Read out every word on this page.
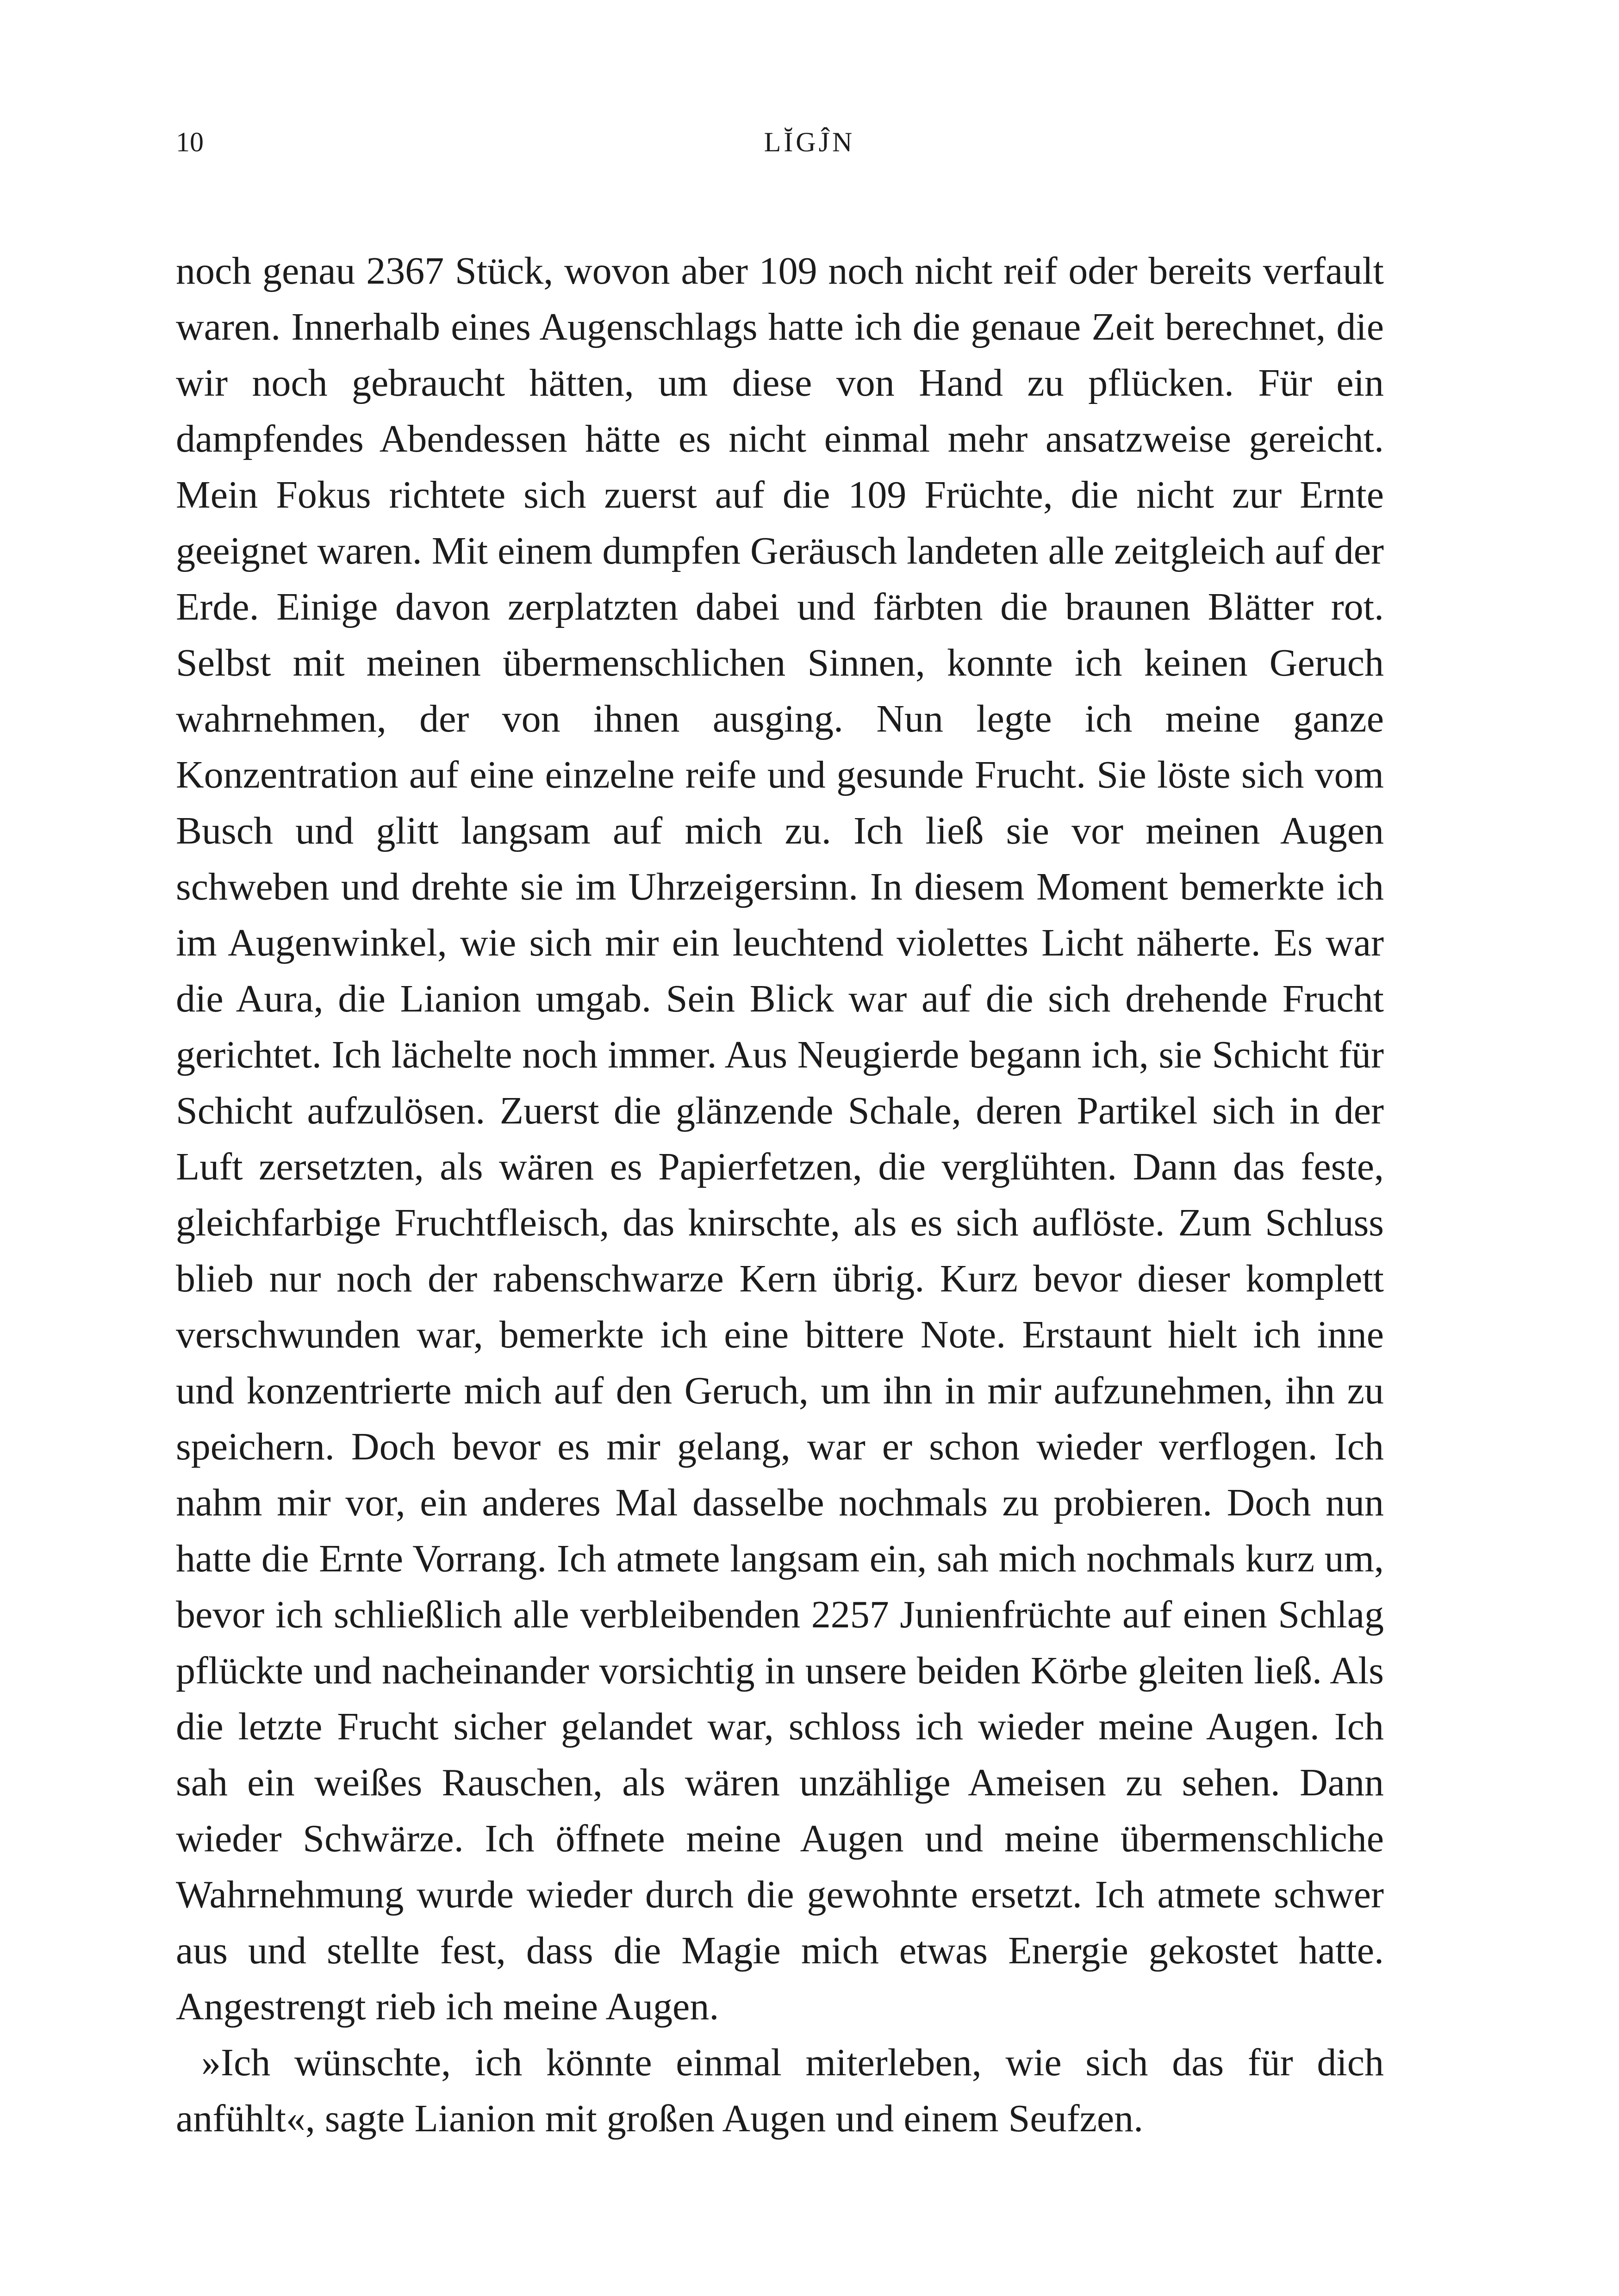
10	LĬGĴN

noch genau 2367 Stück, wovon aber 109 noch nicht reif oder bereits verfault waren. Innerhalb eines Augenschlags hatte ich die genaue Zeit berechnet, die wir noch gebraucht hätten, um diese von Hand zu pflücken. Für ein dampfendes Abendessen hätte es nicht einmal mehr ansatzweise gereicht. Mein Fokus richtete sich zuerst auf die 109 Früchte, die nicht zur Ernte geeignet waren. Mit einem dumpfen Geräusch landeten alle zeitgleich auf der Erde. Einige davon zerplatzten dabei und färbten die braunen Blätter rot. Selbst mit meinen übermenschlichen Sinnen, konnte ich keinen Geruch wahrnehmen, der von ihnen ausging. Nun legte ich meine ganze Konzentration auf eine einzelne reife und gesunde Frucht. Sie löste sich vom Busch und glitt langsam auf mich zu. Ich ließ sie vor meinen Augen schweben und drehte sie im Uhrzeigersinn. In diesem Moment bemerkte ich im Augenwinkel, wie sich mir ein leuchtend violettes Licht näherte. Es war die Aura, die Lianion umgab. Sein Blick war auf die sich drehende Frucht gerichtet. Ich lächelte noch immer. Aus Neugierde begann ich, sie Schicht für Schicht aufzulösen. Zuerst die glänzende Schale, deren Partikel sich in der Luft zersetzten, als wären es Papierfetzen, die verglühten. Dann das feste, gleichfarbige Fruchtfleisch, das knirschte, als es sich auflöste. Zum Schluss blieb nur noch der rabenschwarze Kern übrig. Kurz bevor dieser komplett verschwunden war, bemerkte ich eine bittere Note. Erstaunt hielt ich inne und konzentrierte mich auf den Geruch, um ihn in mir aufzunehmen, ihn zu speichern. Doch bevor es mir gelang, war er schon wieder verflogen. Ich nahm mir vor, ein anderes Mal dasselbe nochmals zu probieren. Doch nun hatte die Ernte Vorrang. Ich atmete langsam ein, sah mich nochmals kurz um, bevor ich schließlich alle verbleibenden 2257 Junienfrüchte auf einen Schlag pflückte und nacheinander vorsichtig in unsere beiden Körbe gleiten ließ. Als die letzte Frucht sicher gelandet war, schloss ich wieder meine Augen. Ich sah ein weißes Rauschen, als wären unzählige Ameisen zu sehen. Dann wieder Schwärze. Ich öffnete meine Augen und meine übermenschliche Wahrnehmung wurde wieder durch die gewohnte ersetzt. Ich atmete schwer aus und stellte fest, dass die Magie mich etwas Energie gekostet hatte. Angestrengt rieb ich meine Augen.

»Ich wünschte, ich könnte einmal miterleben, wie sich das für dich anfühlt«, sagte Lianion mit großen Augen und einem Seufzen.
